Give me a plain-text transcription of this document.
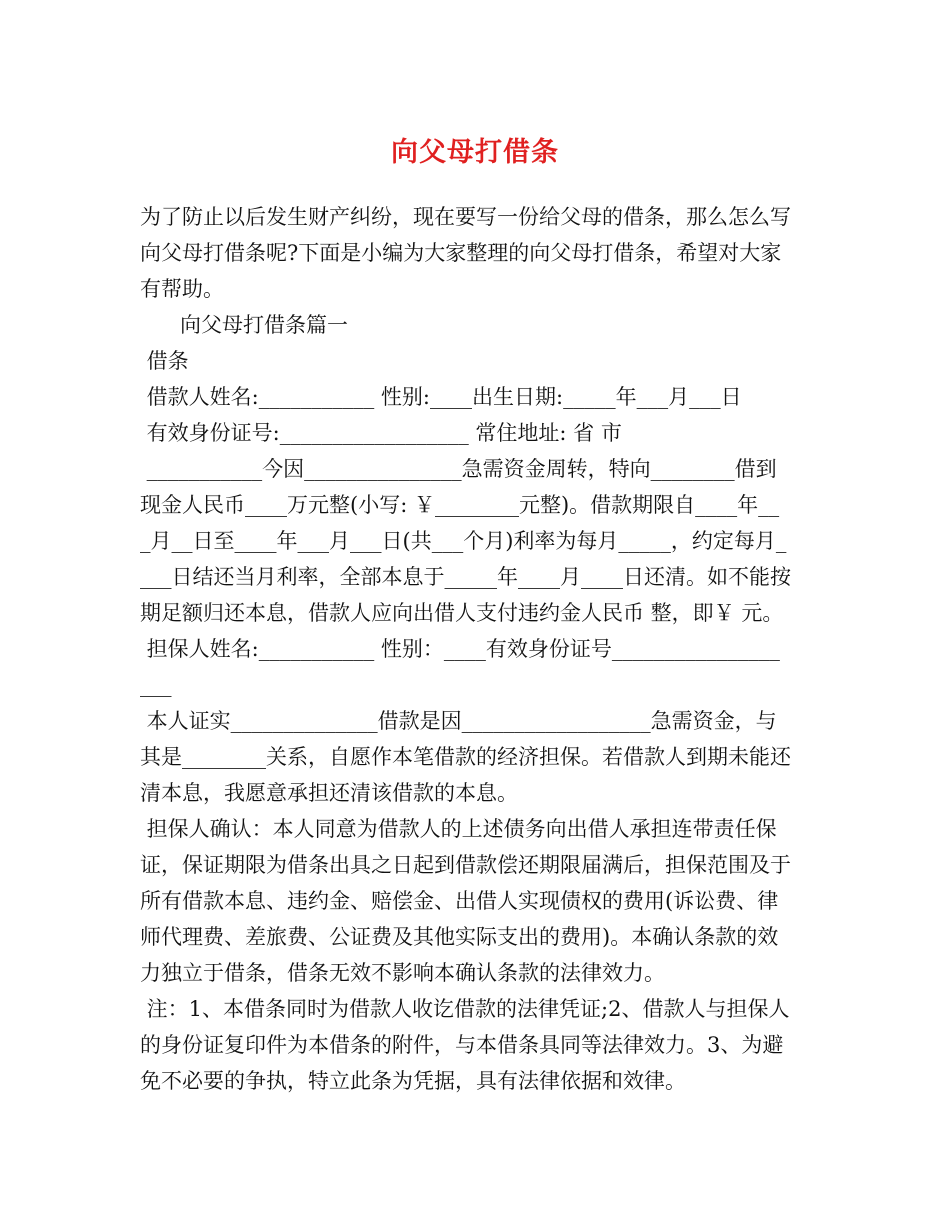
向父母打借条
为了防止以后发生财产纠纷，现在要写一份给父母的借条，那么怎么写
向父母打借条呢?下面是小编为大家整理的向父母打借条，希望对大家
有帮助。
向父母打借条篇一
借条
借款人姓名:___________ 性别:____出生日期:_____年___月___日
有效身份证号:__________________ 常住地址: 省 市
___________今因_______________急需资金周转，特向________借到
现金人民币____万元整(小写: ￥________元整)。借款期限自____年__
_月__日至____年___月___日(共___个月)利率为每月_____，约定每月_
___日结还当月利率，全部本息于_____年____月____日还清。如不能按
期足额归还本息，借款人应向出借人支付违约金人民币 整，即￥ 元。
担保人姓名:___________ 性别：____有效身份证号________________
___
本人证实______________借款是因__________________急需资金，与
其是________关系，自愿作本笔借款的经济担保。若借款人到期未能还
清本息，我愿意承担还清该借款的本息。
担保人确认：本人同意为借款人的上述债务向出借人承担连带责任保
证，保证期限为借条出具之日起到借款偿还期限届满后，担保范围及于
所有借款本息、违约金、赔偿金、出借人实现债权的费用(诉讼费、律
师代理费、差旅费、公证费及其他实际支出的费用)。本确认条款的效
力独立于借条，借条无效不影响本确认条款的法律效力。
注：1、本借条同时为借款人收讫借款的法律凭证;2、借款人与担保人
的身份证复印件为本借条的附件，与本借条具同等法律效力。3、为避
免不必要的争执，特立此条为凭据，具有法律依据和效律。
